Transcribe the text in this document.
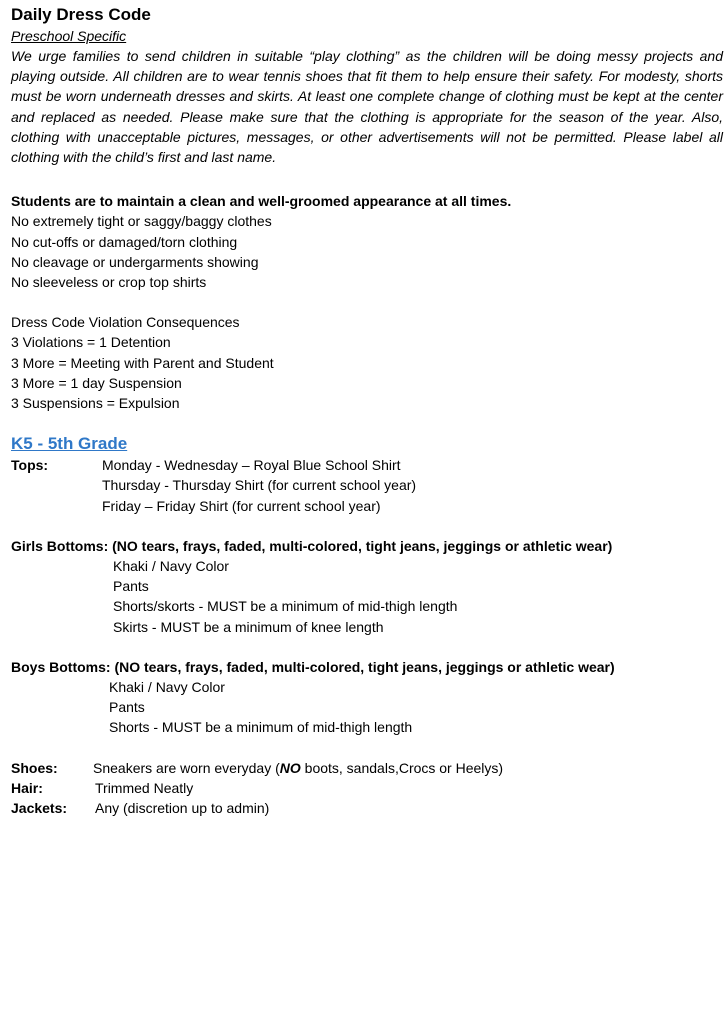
Daily Dress Code

Preschool Specific

We urge families to send children in suitable “play clothing” as the children will be doing messy projects and playing outside. All children are to wear tennis shoes that fit them to help ensure their safety. For modesty, shorts must be worn underneath dresses and skirts. At least one complete change of clothing must be kept at the center and replaced as needed. Please make sure that the clothing is appropriate for the season of the year. Also, clothing with unacceptable pictures, messages, or other advertisements will not be permitted. Please label all clothing with the child’s first and last name.

Students are to maintain a clean and well-groomed appearance at all times.

No extremely tight or saggy/baggy clothes

No cut-offs or damaged/torn clothing

No cleavage or undergarments showing

No sleeveless or crop top shirts

Dress Code Violation Consequences

3 Violations = 1 Detention

3 More = Meeting with Parent and Student

3 More = 1 day Suspension

3 Suspensions = Expulsion

K5 - 5th Grade
Tops:	Monday - Wednesday – Royal Blue School Shirt

Thursday - Thursday Shirt (for current school year)

Friday – Friday Shirt (for current school year)

Girls Bottoms: (NO tears, frays, faded, multi-colored, tight jeans, jeggings or athletic wear)

Khaki / Navy Color

Pants

Shorts/skorts - MUST be a minimum of mid-thigh length

Skirts - MUST be a minimum of knee length

Boys Bottoms: (NO tears, frays, faded, multi-colored, tight jeans, jeggings or athletic wear)

Khaki / Navy Color

Pants

Shorts - MUST be a minimum of mid-thigh length

Shoes:	Sneakers are worn everyday (NO boots, sandals,Crocs or Heelys)
Hair:	Trimmed Neatly
Jackets:	Any (discretion up to admin)
